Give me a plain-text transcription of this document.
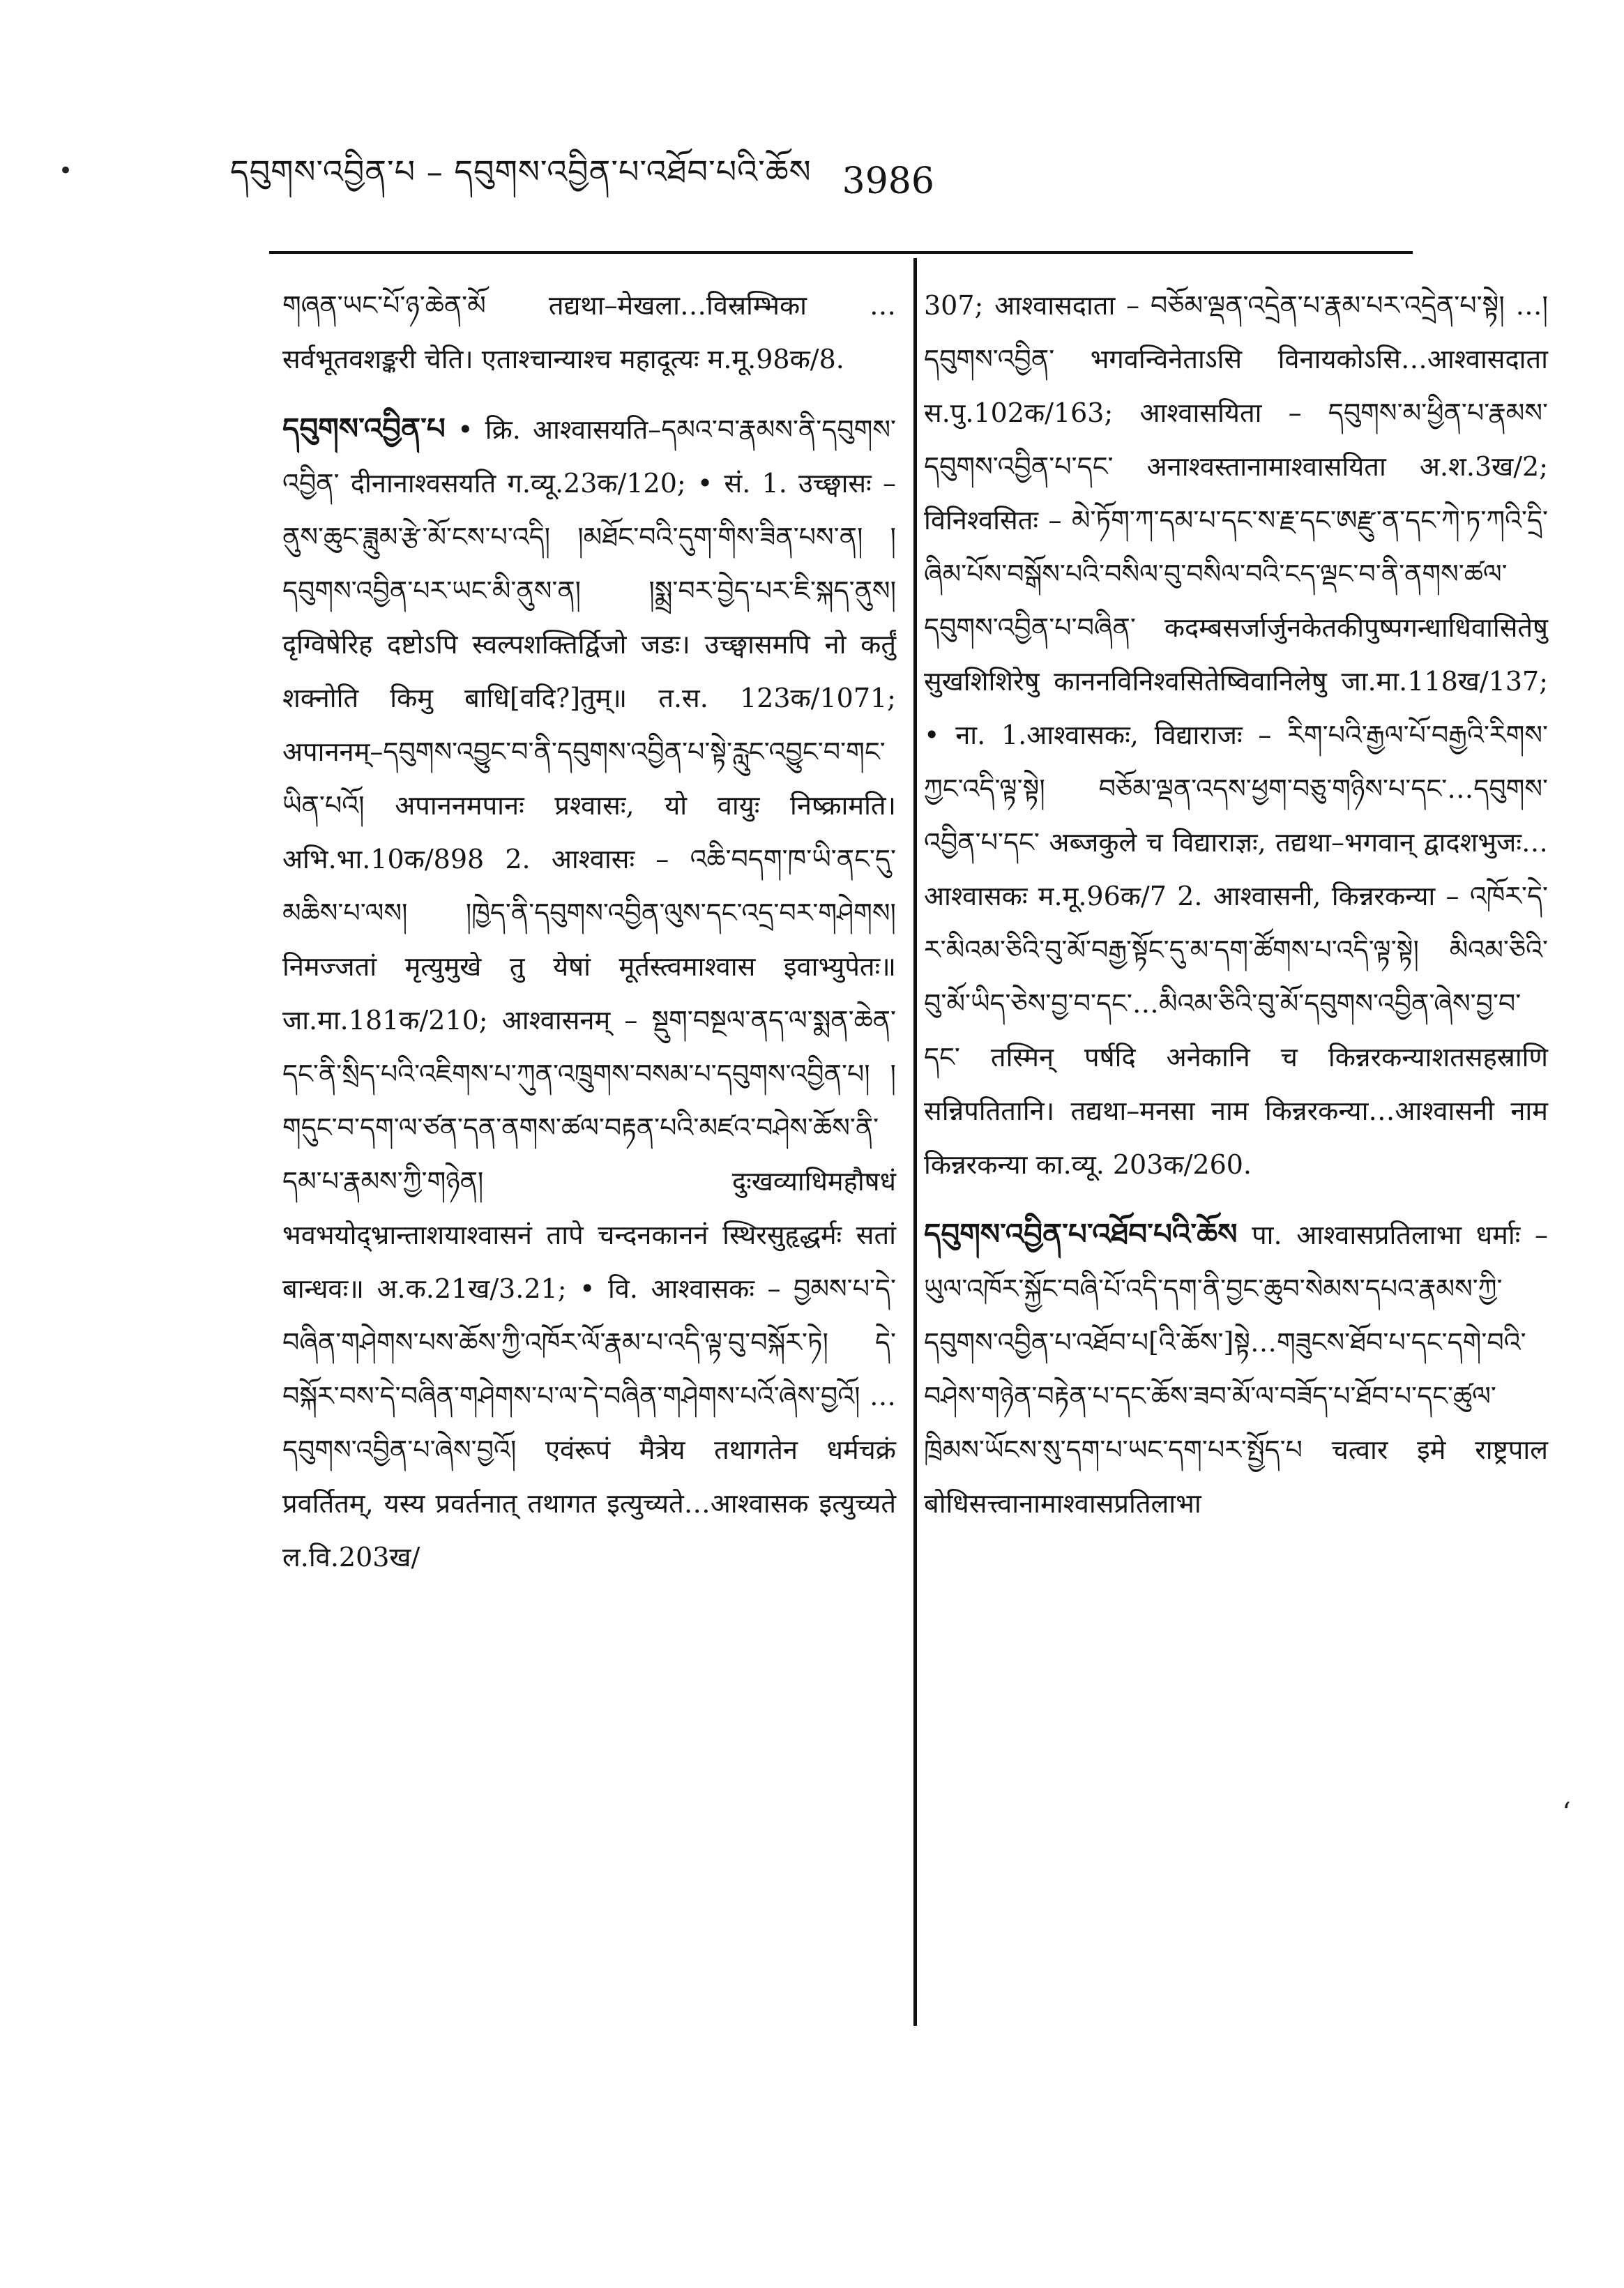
དབུགས་འབྱིན་པ – དབུགས་འབྱིན་པ་འཐོབ་པའི་ཆོས 3986

གཞན་ཡང་པོ་ཉ་ཆེན་མོ तद्यथा–मेखला…विस्रम्भिका …सर्वभूतवशङ्करी चेति। एताश्चान्याश्च महादूत्यः म.मू.98क/8.

དབུགས་འབྱིན་པ • क्रि. आश्वासयति–དམའ་བ་རྣམས་ནི་དབུགས་འབྱིན་ दीनानाश्वसयति ग.व्यू.23क/120; • सं. 1. उच्छ्वासः – ནུས་ཆུང་ཟླུམ་རྩེ་མོ་ངས་པ་འདི། །མཐོང་བའི་དུག་གིས་ཟིན་པས་ན། །དབུགས་འབྱིན་པར་ཡང་མི་ནུས་ན། །སྨྲ་བར་བྱེད་པར་ཇི་སྐད་ནུས། दृग्विषेरिह दष्टोऽपि स्वल्पशक्तिर्द्विजो जडः। उच्छ्वासमपि नो कर्तुं शक्नोति किमु बाधि[वदि?]तुम्॥ त.स. 123क/1071; अपाननम्–དབུགས་འབྱུང་བ་ནི་དབུགས་འབྱིན་པ་སྟེ་རླུང་འབྱུང་བ་གང་ཡིན་པའོ། अपाननमपानः प्रश्वासः, यो वायुः निष्क्रामति। अभि.भा.10क/898 2. आश्वासः – འཆི་བདག་ཁ་ཡི་ནང་དུ་མཆིས་པ་ལས། །ཁྱེད་ནི་དབུགས་འབྱིན་ལུས་དང་འདྲ་བར་གཤེགས། निमज्जतां मृत्युमुखे तु येषां मूर्तस्त्वमाश्वास इवाभ्युपेतः॥ जा.मा.181क/210; आश्वासनम् – སྡུག་བསྔལ་ནད་ལ་སྨན་ཆེན་དང་ནི་སྲིད་པའི་འཇིགས་པ་ཀུན་འཁྲུགས་བསམ་པ་དབུགས་འབྱིན་པ། །གདུང་བ་དག་ལ་ཙན་དན་ནགས་ཚལ་བརྟན་པའི་མཛའ་བཤེས་ཆོས་ནི་དམ་པ་རྣམས་ཀྱི་གཉེན། दुःखव्याधिमहौषधं भवभयोद्भ्रान्ताशयाश्वासनं तापे चन्दनकाननं स्थिरसुहृद्धर्मः सतां बान्धवः॥ अ.क.21ख/3.21; • वि. आश्वासकः – བྱམས་པ་དེ་བཞིན་གཤེགས་པས་ཆོས་ཀྱི་འཁོར་ལོ་རྣམ་པ་འདི་ལྟ་བུ་བསྐོར་ཏེ། དེ་བསྐོར་བས་དེ་བཞིན་གཤེགས་པ་ལ་དེ་བཞིན་གཤེགས་པའོ་ཞེས་བྱའོ། …དབུགས་འབྱིན་པ་ཞེས་བྱའོ། एवंरूपं मैत्रेय तथागतेन धर्मचक्रं प्रवर्तितम्, यस्य प्रवर्तनात् तथागत इत्युच्यते…आश्वासक इत्युच्यते ल.वि.203ख/

307; आश्वासदाता – བཅོམ་ལྡན་འདྲེན་པ་རྣམ་པར་འདྲེན་པ་སྟེ། …།དབུགས་འབྱིན་ भगवन्विनेताऽसि विनायकोऽसि…आश्वासदाता स.पु.102क/163; आश्वासयिता – དབུགས་མ་ཕྱིན་པ་རྣམས་དབུགས་འབྱིན་པ་དང་ अनाश्वस्तानामाश्वासयिता अ.श.3ख/2; विनिश्वसितः – མེ་ཏོག་ཀ་དམ་པ་དང་ས་རྗ་དང་ཨརྫུ་ན་དང་ཀེ་ཏ་ཀའི་དྲི་ཞིམ་པོས་བསྒོས་པའི་བསིལ་བུ་བསིལ་བའི་ངད་ལྡང་བ་ནི་ནགས་ཚལ་དབུགས་འབྱིན་པ་བཞིན་ कदम्बसर्जार्जुनकेतकीपुष्पगन्धाधिवासितेषु सुखशिशिरेषु काननविनिश्वसितेष्विवानिलेषु जा.मा.118ख/137; • ना. 1.आश्वासकः, विद्याराजः – རིག་པའི་རྒྱལ་པོ་བརྒྱའི་རིགས་ཀྱང་འདི་ལྟ་སྟེ། བཅོམ་ལྡན་འདས་ཕྱག་བཅུ་གཉིས་པ་དང་…དབུགས་འབྱིན་པ་དང་ अब्जकुले च विद्याराज्ञः, तद्यथा–भगवान् द्वादशभुजः…आश्वासकः म.मू.96क/7 2. आश्वासनी, किन्नरकन्या – འཁོར་དེ་ར་མིའམ་ཅིའི་བུ་མོ་བརྒྱ་སྟོང་དུ་མ་དག་ཚོགས་པ་འདི་ལྟ་སྟེ། མིའམ་ཅིའི་བུ་མོ་ཡིད་ཅེས་བྱ་བ་དང་…མིའམ་ཅིའི་བུ་མོ་དབུགས་འབྱིན་ཞེས་བྱ་བ་དང་ तस्मिन् पर्षदि अनेकानि च किन्नरकन्याशतसहस्राणि सन्निपतितानि। तद्यथा–मनसा नाम किन्नरकन्या…आश्वासनी नाम किन्नरकन्या का.व्यू. 203क/260.

དབུགས་འབྱིན་པ་འཐོབ་པའི་ཆོས पा. आश्वासप्रतिलाभा धर्माः – ཡུལ་འཁོར་སྐྱོང་བཞི་པོ་འདི་དག་ནི་བྱང་ཆུབ་སེམས་དཔའ་རྣམས་ཀྱི་དབུགས་འབྱིན་པ་འཐོབ་པ[འི་ཆོས་]སྟེ…གཟུངས་ཐོབ་པ་དང་དགེ་བའི་བཤེས་གཉེན་བརྟེན་པ་དང་ཆོས་ཟབ་མོ་ལ་བཟོད་པ་ཐོབ་པ་དང་ཚུལ་ཁྲིམས་ཡོངས་སུ་དག་པ་ཡང་དག་པར་སྤྱོད་པ चत्वार इमे राष्ट्रपाल बोधिसत्त्वानामाश्वासप्रतिलाभा

•
ʻ
